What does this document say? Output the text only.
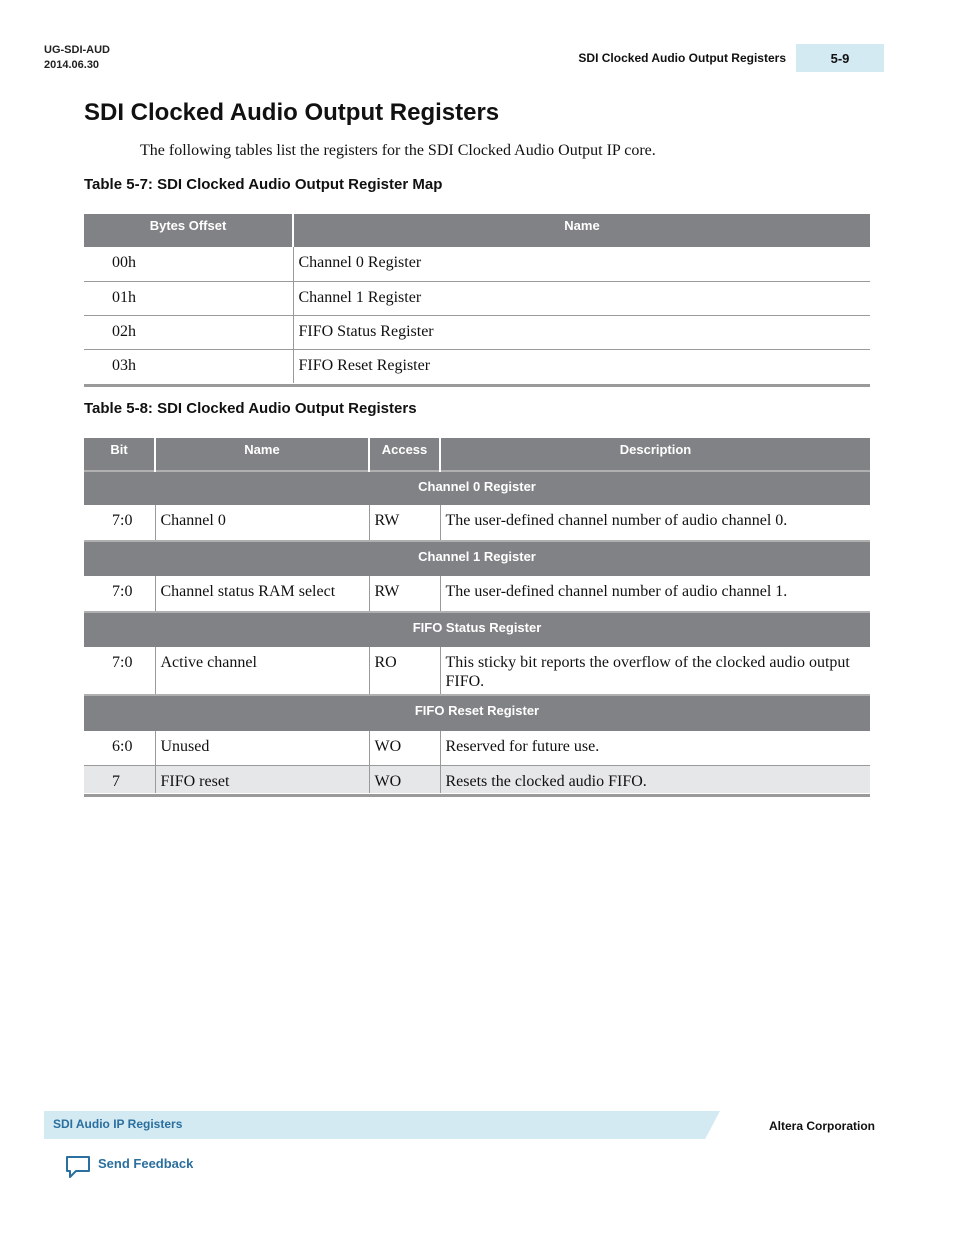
UG-SDI-AUD
2014.06.30	SDI Clocked Audio Output Registers	5-9
SDI Clocked Audio Output Registers
The following tables list the registers for the SDI Clocked Audio Output IP core.
Table 5-7: SDI Clocked Audio Output Register Map
Bytes Offset	Name
00h	Channel 0 Register
01h	Channel 1 Register
02h	FIFO Status Register
03h	FIFO Reset Register
Table 5-8: SDI Clocked Audio Output Registers
Bit	Name	Access	Description
Channel 0 Register			
7:0	Channel 0	RW	The user-defined channel number of audio channel 0.
Channel 1 Register			
7:0	Channel status RAM select	RW	The user-defined channel number of audio channel 1.
FIFO Status Register			
7:0	Active channel	RO	This sticky bit reports the overflow of the clocked audio output FIFO.
FIFO Reset Register			
6:0	Unused	WO	Reserved for future use.
7	FIFO reset	WO	Resets the clocked audio FIFO.
SDI Audio IP Registers	Altera Corporation
Send Feedback
